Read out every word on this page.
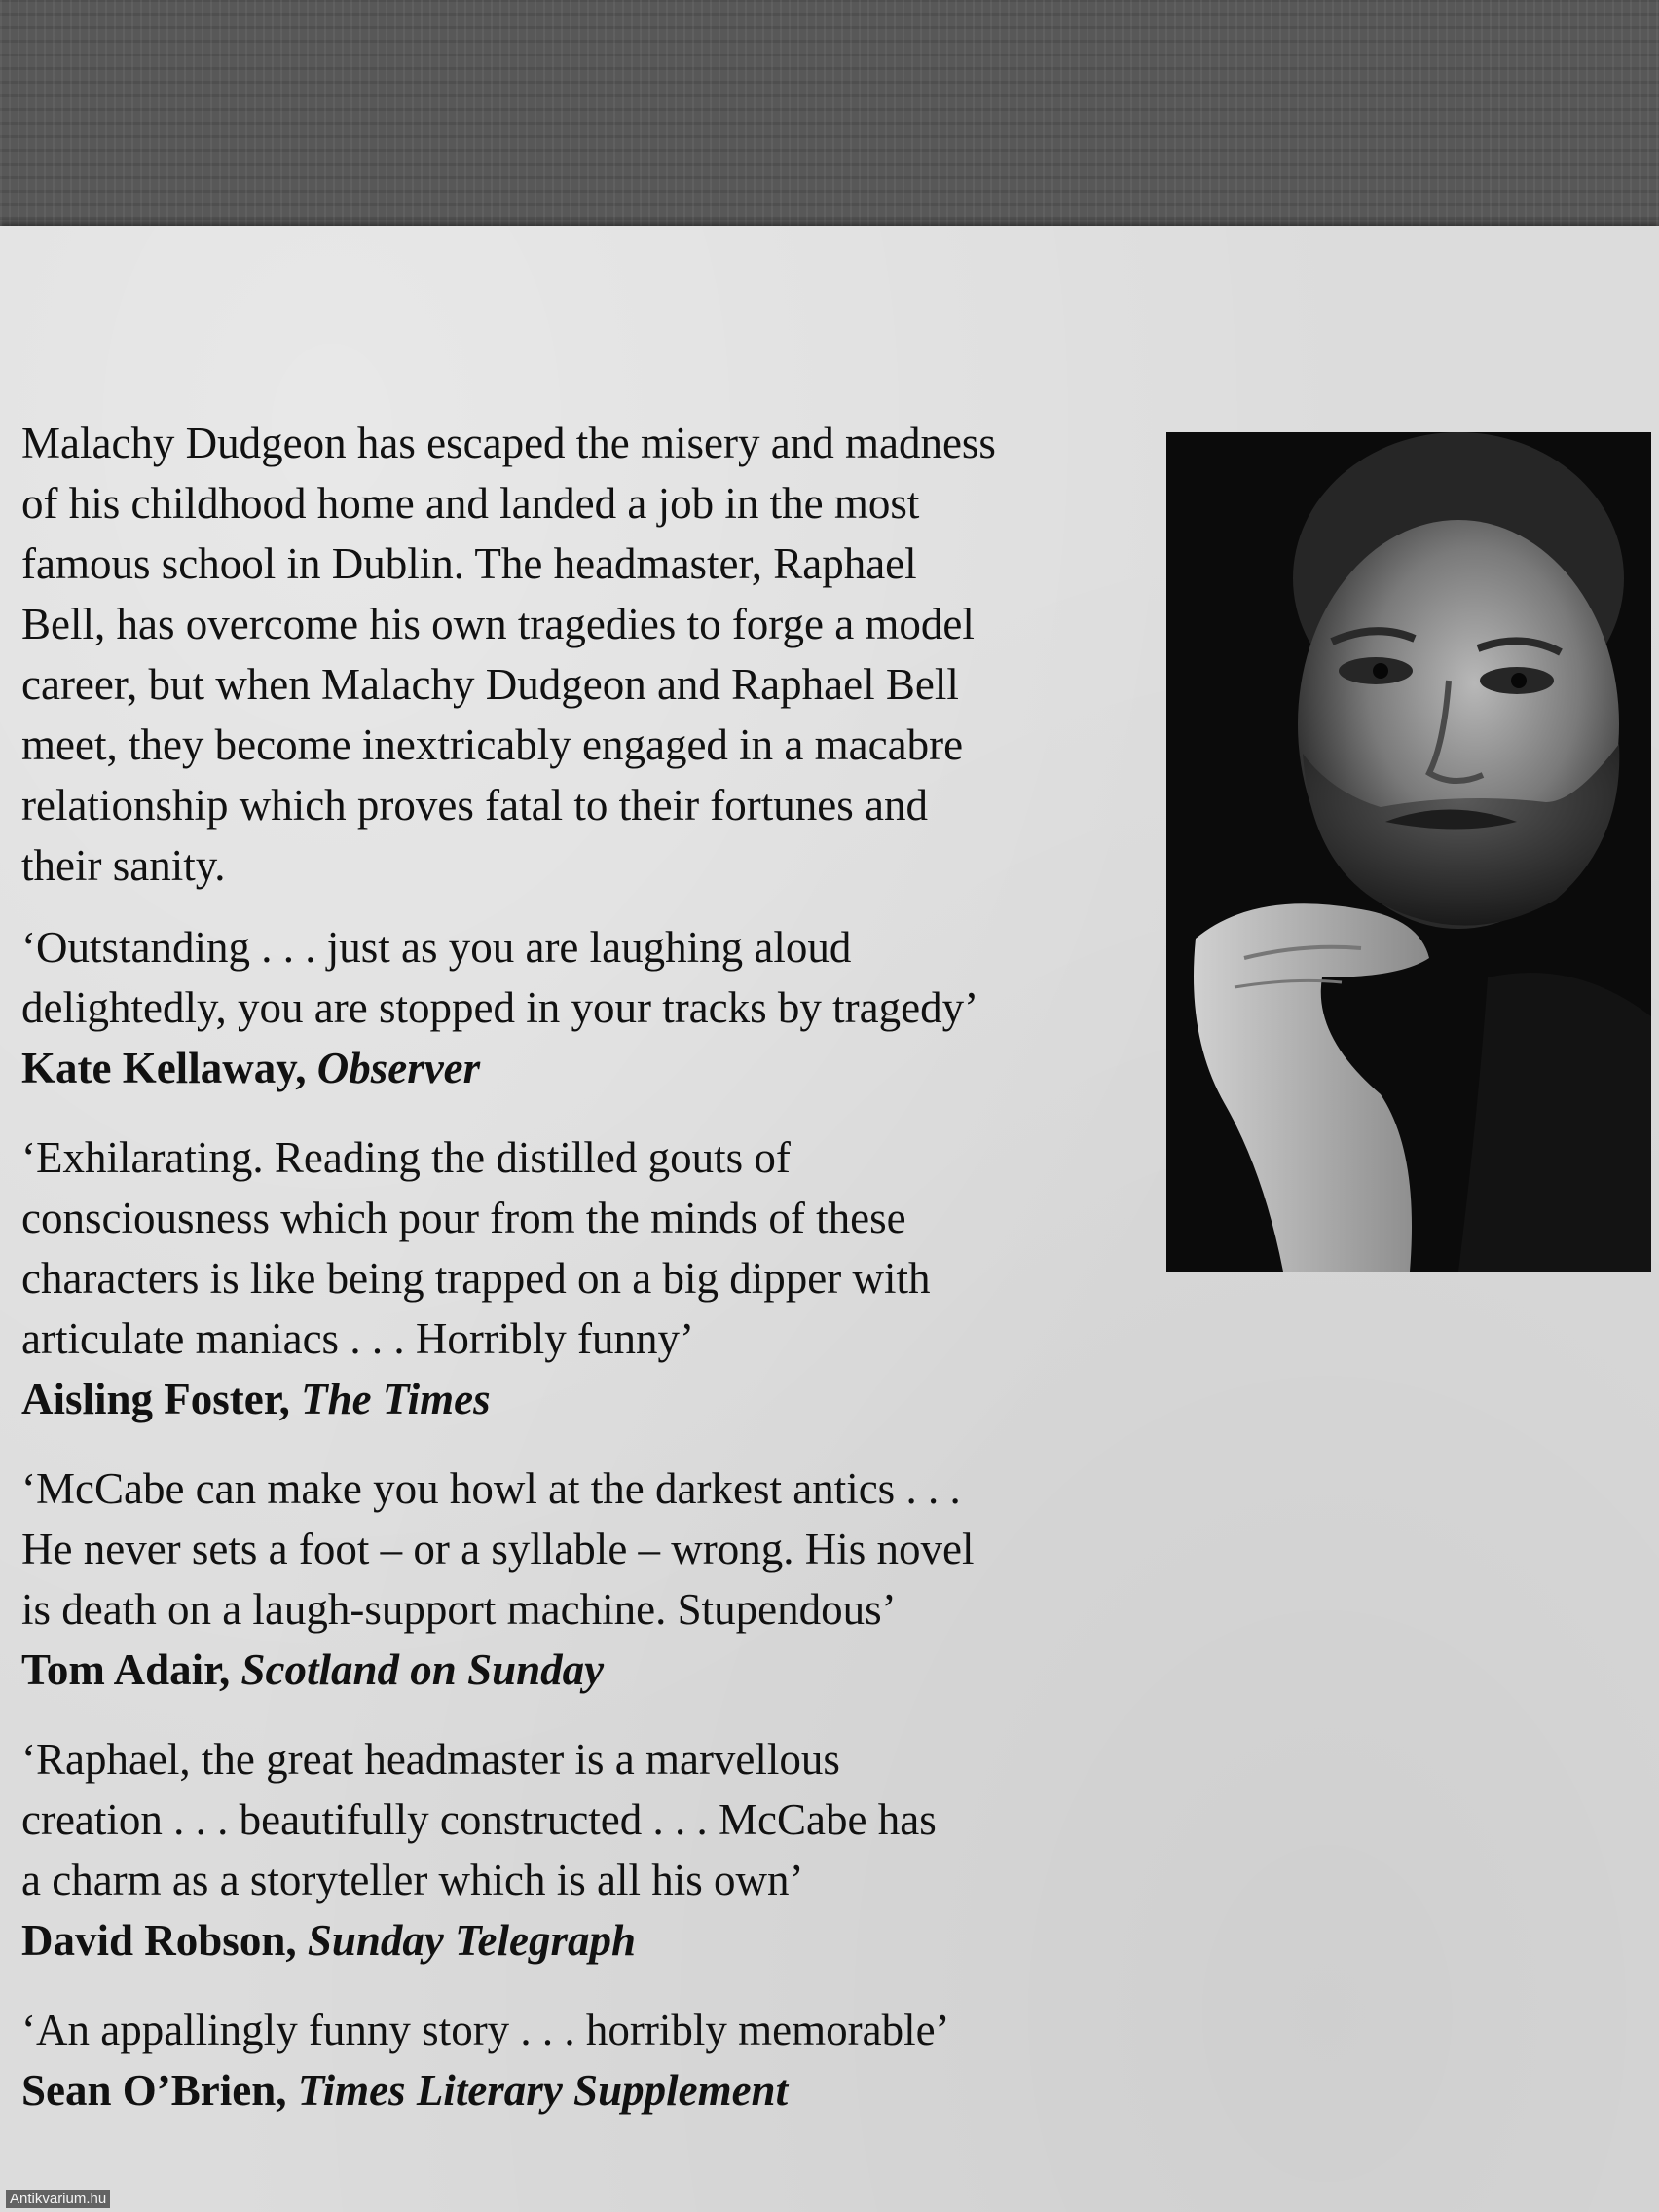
Malachy Dudgeon has escaped the misery and madness
of his childhood home and landed a job in the most
famous school in Dublin. The headmaster, Raphael
Bell, has overcome his own tragedies to forge a model
career, but when Malachy Dudgeon and Raphael Bell
meet, they become inextricably engaged in a macabre
relationship which proves fatal to their fortunes and
their sanity.

‘Outstanding . . . just as you are laughing aloud
delightedly, you are stopped in your tracks by tragedy’

Kate Kellaway, Observer

‘Exhilarating. Reading the distilled gouts of
consciousness which pour from the minds of these
characters is like being trapped on a big dipper with
articulate maniacs . . . Horribly funny’

Aisling Foster, The Times

‘McCabe can make you howl at the darkest antics . . .
He never sets a foot – or a syllable – wrong. His novel
is death on a laugh-support machine. Stupendous’

Tom Adair, Scotland on Sunday

‘Raphael, the great headmaster is a marvellous
creation . . . beautifully constructed . . . McCabe has
a charm as a storyteller which is all his own’

David Robson, Sunday Telegraph

‘An appallingly funny story . . . horribly memorable’

Sean O’Brien, Times Literary Supplement

Antikvarium.hu
